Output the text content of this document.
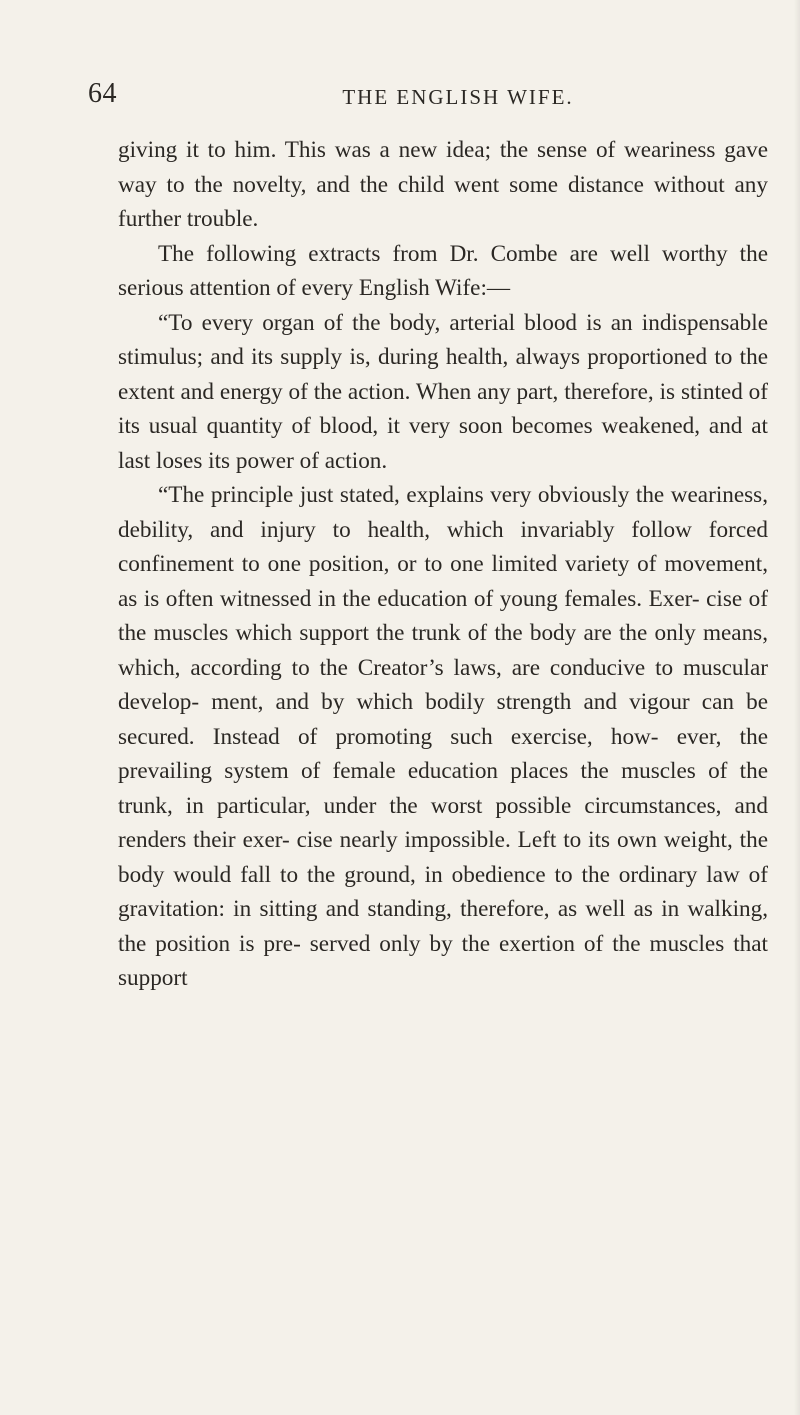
64	THE ENGLISH WIFE.

giving it to him. This was a new idea; the sense of weariness gave way to the novelty, and the child went some distance without any further trouble.

The following extracts from Dr. Combe are well worthy the serious attention of every English Wife:—

“To every organ of the body, arterial blood is an indispensable stimulus; and its supply is, during health, always proportioned to the extent and energy of the action. When any part, therefore, is stinted of its usual quantity of blood, it very soon becomes weakened, and at last loses its power of action.

“The principle just stated, explains very obviously the weariness, debility, and injury to health, which invariably follow forced confinement to one position, or to one limited variety of movement, as is often witnessed in the education of young females. Exer- cise of the muscles which support the trunk of the body are the only means, which, according to the Creator’s laws, are conducive to muscular develop- ment, and by which bodily strength and vigour can be secured. Instead of promoting such exercise, how- ever, the prevailing system of female education places the muscles of the trunk, in particular, under the worst possible circumstances, and renders their exer- cise nearly impossible. Left to its own weight, the body would fall to the ground, in obedience to the ordinary law of gravitation: in sitting and standing, therefore, as well as in walking, the position is pre- served only by the exertion of the muscles that support
